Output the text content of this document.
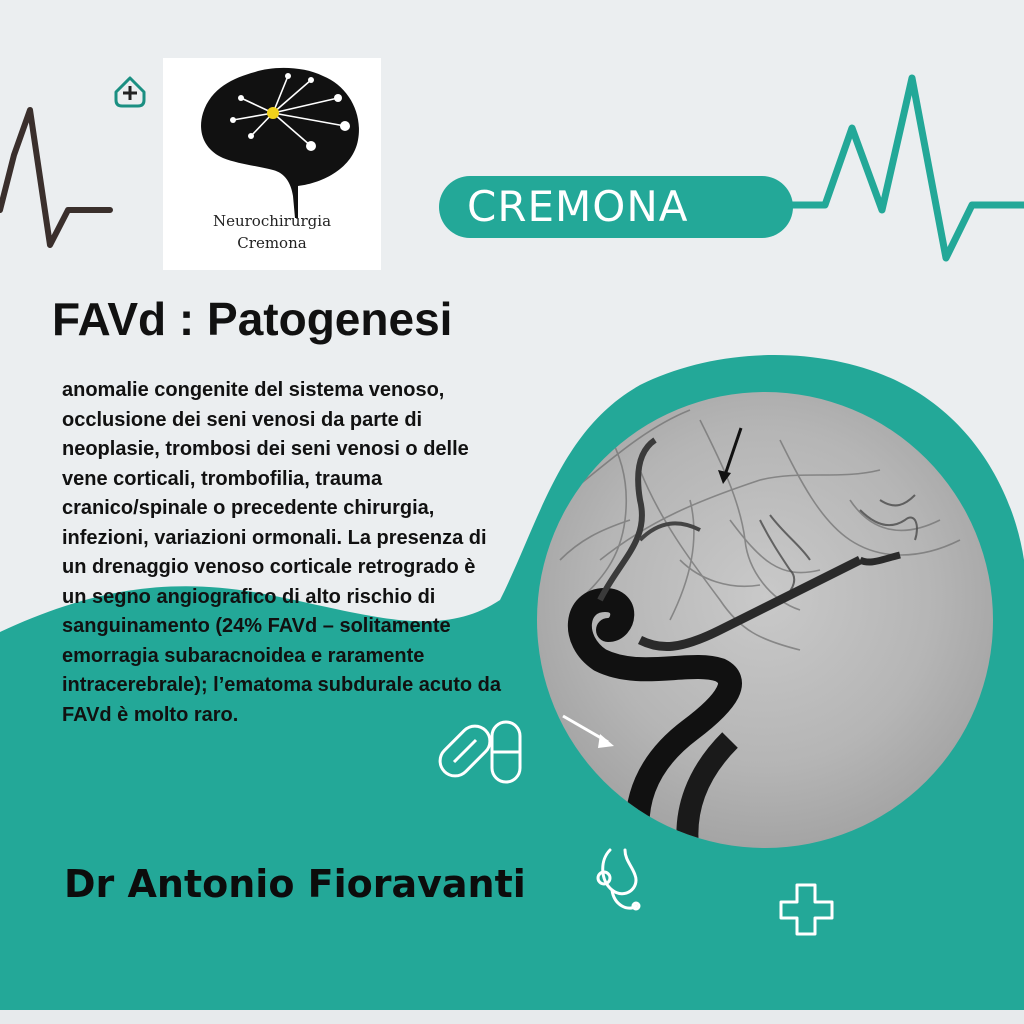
Neurochirurgia
Cremona
CREMONA
FAVd : Patogenesi
anomalie congenite del sistema venoso, occlusione dei seni venosi da parte di neoplasie, trombosi dei seni venosi o delle vene corticali, trombofilia, trauma cranico/spinale o precedente chirurgia, infezioni, variazioni ormonali. La presenza di un drenaggio venoso corticale retrogrado è un segno angiografico di alto rischio di sanguinamento (24% FAVd – solitamente emorragia subaracnoidea e raramente intracerebrale); l’ematoma subdurale acuto da FAVd è molto raro.
Dr Antonio Fioravanti
